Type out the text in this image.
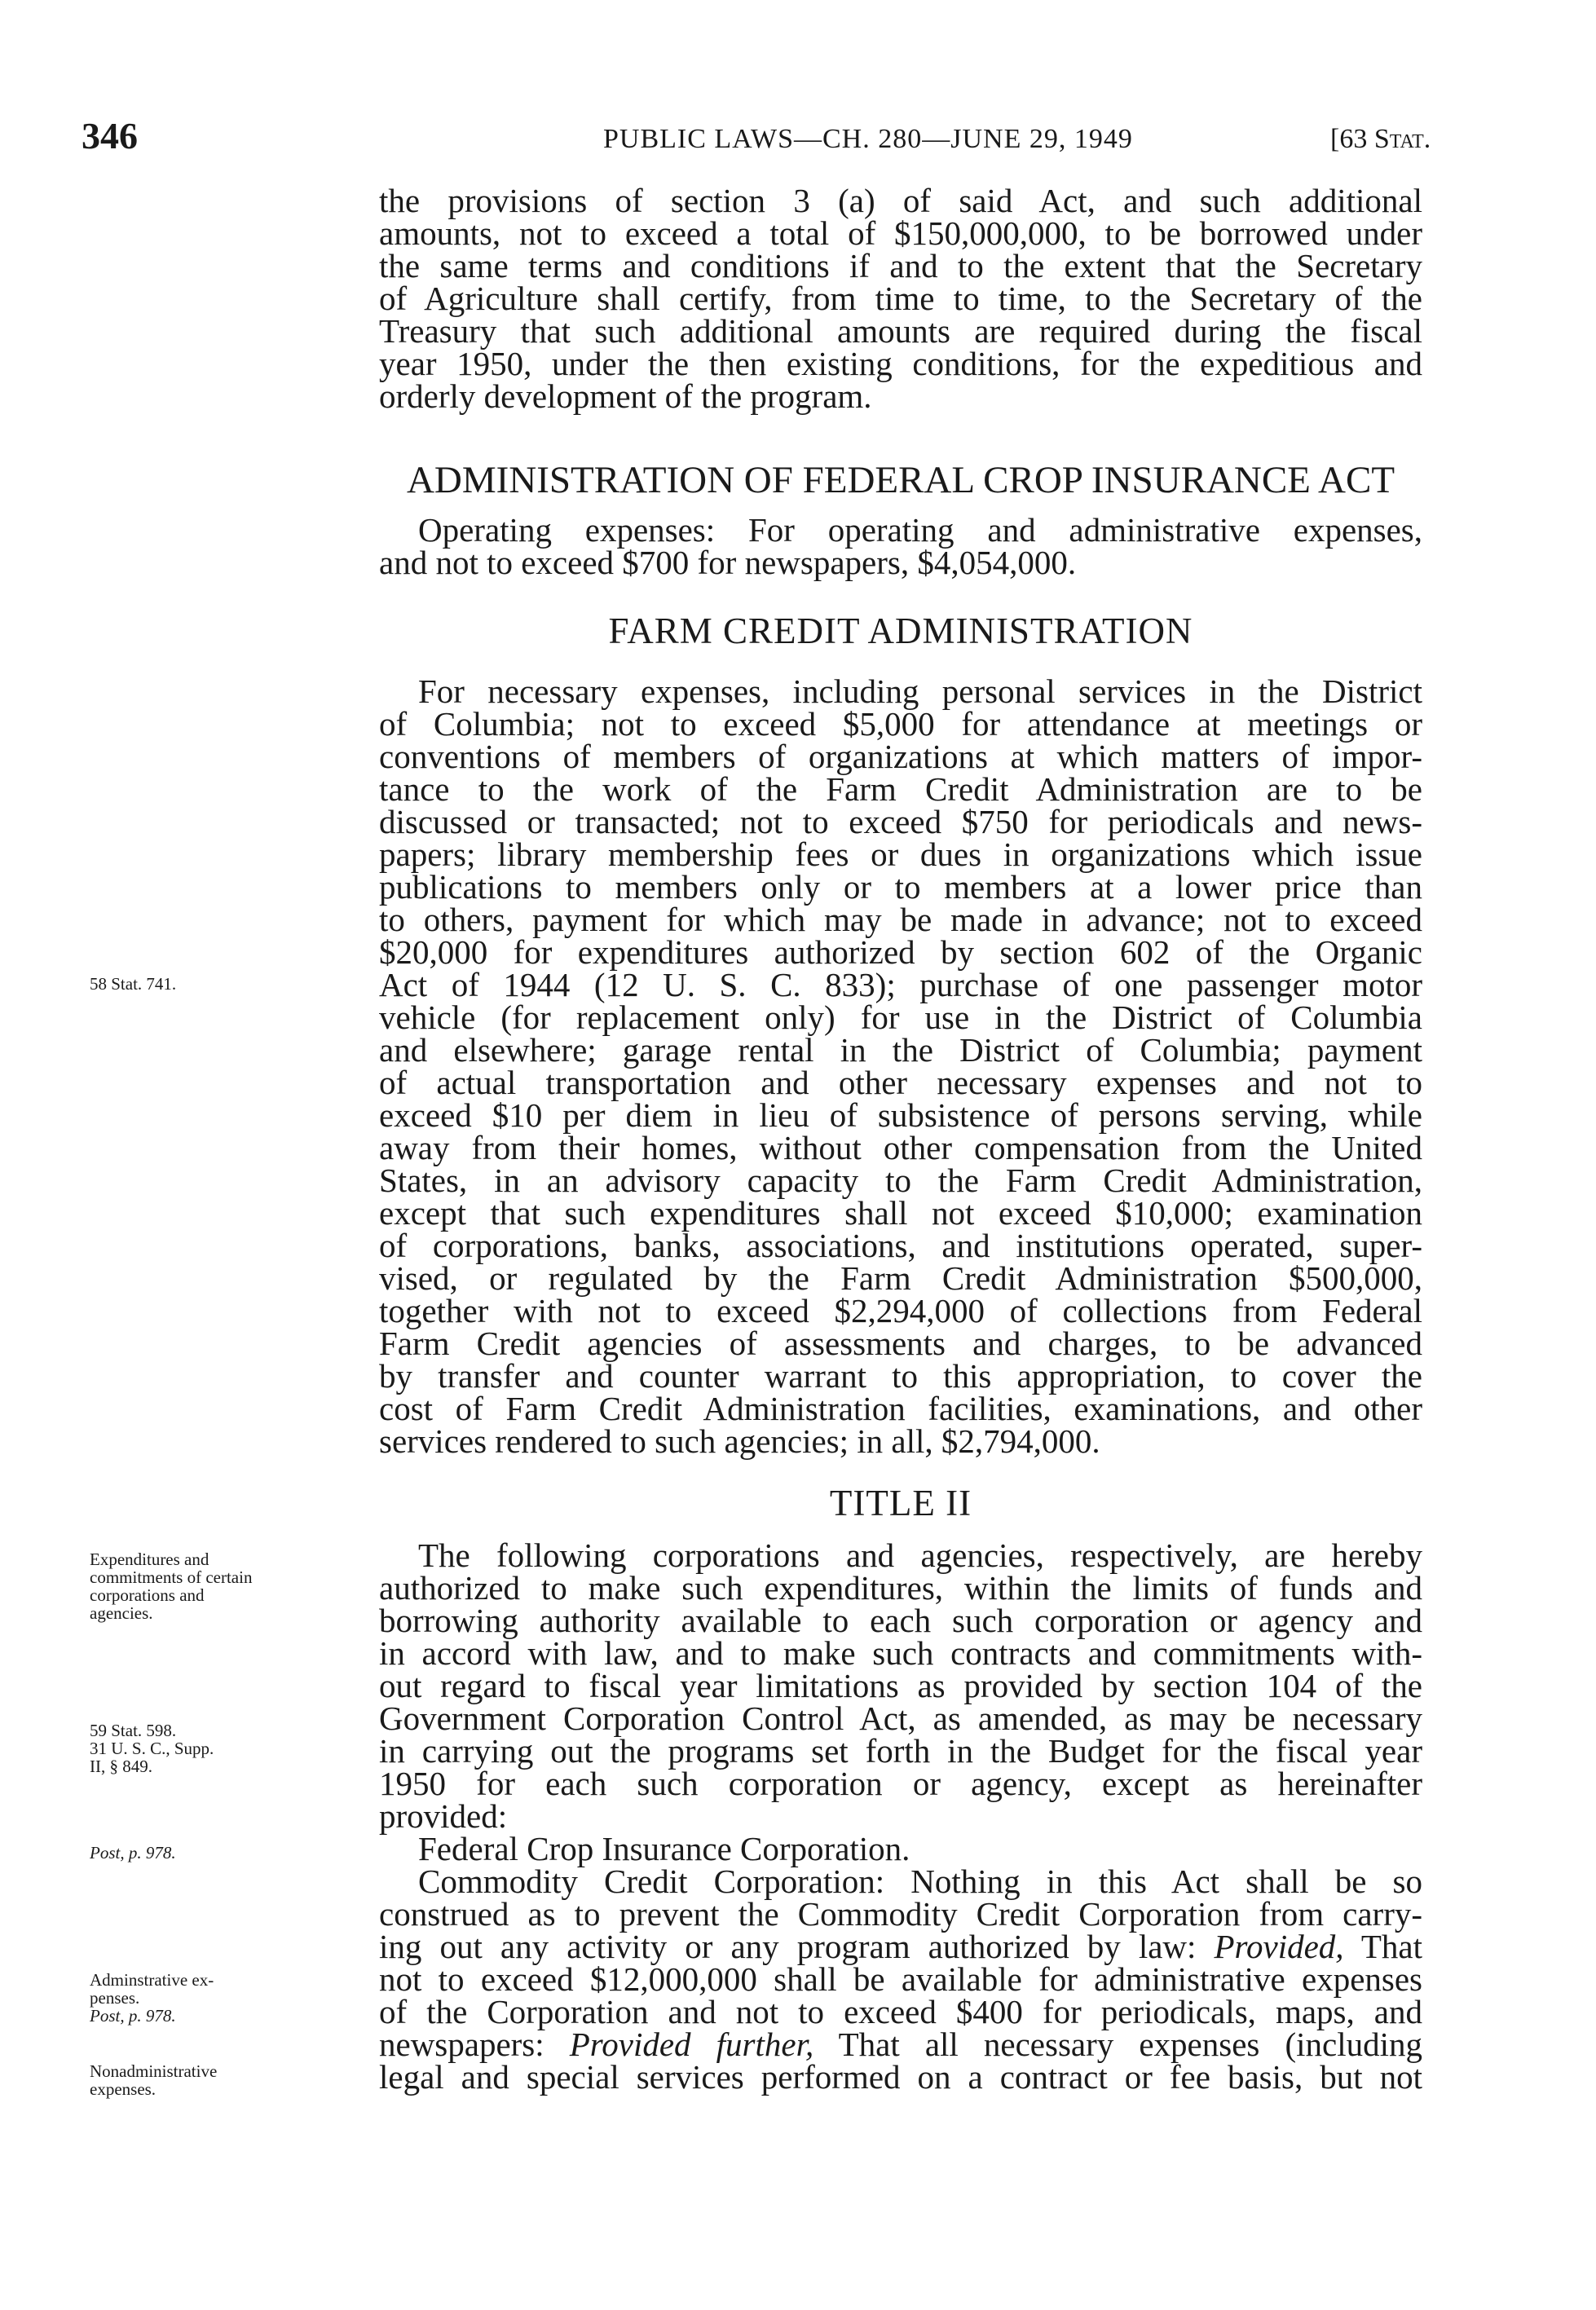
346	PUBLIC LAWS—CH. 280—JUNE 29, 1949	[63 Stat.

the provisions of section 3 (a) of said Act, and such additional

amounts, not to exceed a total of $150,000,000, to be borrowed under

the same terms and conditions if and to the extent that the Secretary

of Agriculture shall certify, from time to time, to the Secretary of the

Treasury that such additional amounts are required during the fiscal

year 1950, under the then existing conditions, for the expeditious and

orderly development of the program.

ADMINISTRATION OF FEDERAL CROP INSURANCE ACT

Operating expenses: For operating and administrative expenses,

and not to exceed $700 for newspapers, $4,054,000.

FARM CREDIT ADMINISTRATION

For necessary expenses, including personal services in the District

of Columbia; not to exceed $5,000 for attendance at meetings or

conventions of members of organizations at which matters of impor-

tance to the work of the Farm Credit Administration are to be

discussed or transacted; not to exceed $750 for periodicals and news-

papers; library membership fees or dues in organizations which issue

publications to members only or to members at a lower price than

to others, payment for which may be made in advance; not to exceed

$20,000 for expenditures authorized by section 602 of the Organic

Act of 1944 (12 U. S. C. 833); purchase of one passenger motor

vehicle (for replacement only) for use in the District of Columbia

and elsewhere; garage rental in the District of Columbia; payment

of actual transportation and other necessary expenses and not to

exceed $10 per diem in lieu of subsistence of persons serving, while

away from their homes, without other compensation from the United

States, in an advisory capacity to the Farm Credit Administration,

except that such expenditures shall not exceed $10,000; examination

of corporations, banks, associations, and institutions operated, super-

vised, or regulated by the Farm Credit Administration $500,000,

together with not to exceed $2,294,000 of collections from Federal

Farm Credit agencies of assessments and charges, to be advanced

by transfer and counter warrant to this appropriation, to cover the

cost of Farm Credit Administration facilities, examinations, and other

services rendered to such agencies; in all, $2,794,000.

TITLE II

The following corporations and agencies, respectively, are hereby

authorized to make such expenditures, within the limits of funds and

borrowing authority available to each such corporation or agency and

in accord with law, and to make such contracts and commitments with-

out regard to fiscal year limitations as provided by section 104 of the

Government Corporation Control Act, as amended, as may be necessary

in carrying out the programs set forth in the Budget for the fiscal year

1950 for each such corporation or agency, except as hereinafter

provided:

Federal Crop Insurance Corporation.

Commodity Credit Corporation: Nothing in this Act shall be so

construed as to prevent the Commodity Credit Corporation from carry-

ing out any activity or any program authorized by law: Provided, That

not to exceed $12,000,000 shall be available for administrative expenses

of the Corporation and not to exceed $400 for periodicals, maps, and

newspapers: Provided further, That all necessary expenses (including

legal and special services performed on a contract or fee basis, but not

58 Stat. 741.
Expenditures and
commitments of certain
corporations and
agencies.
59 Stat. 598.
31 U. S. C., Supp.
II, § 849.
Post, p. 978.
Adminstrative ex-
penses.
Post, p. 978.
Nonadministrative
expenses.
